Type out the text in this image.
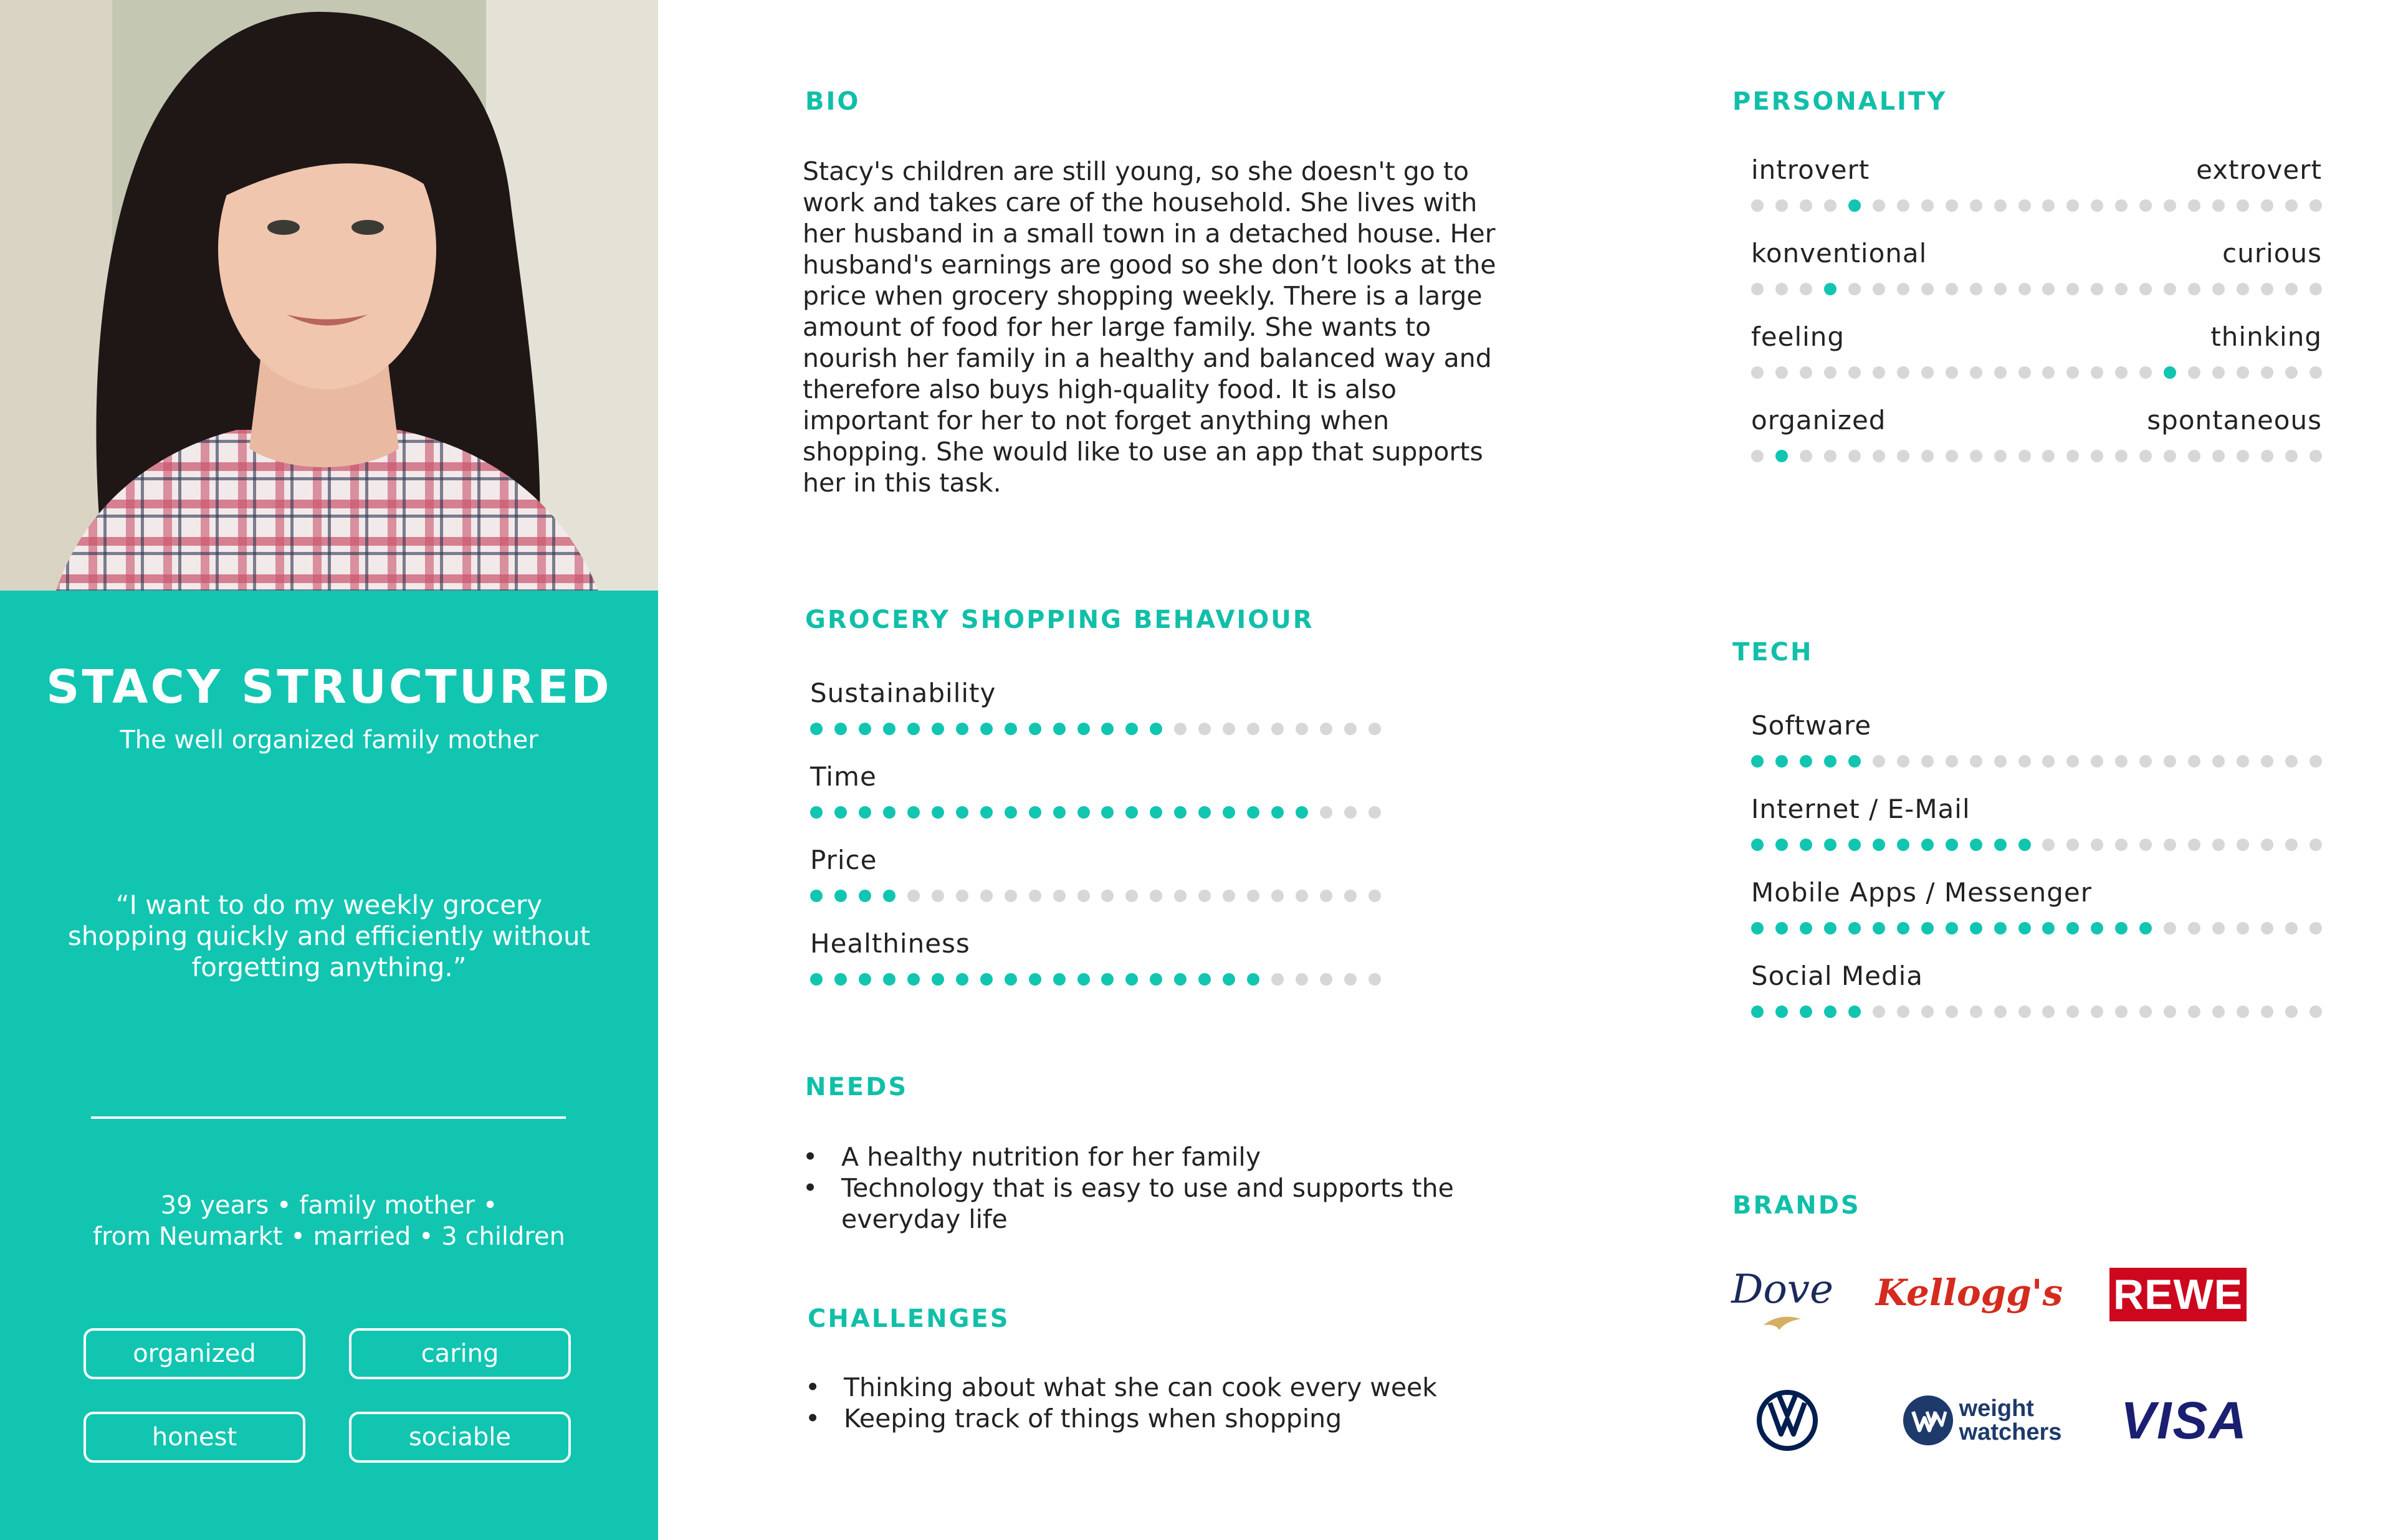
STACY STRUCTURED
The well organized family mother
“I want to do my weekly grocery shopping quickly and efficiently without forgetting anything.”
39 years • family mother •
from Neumarkt • married • 3 children
organized	caring
honest	sociable
BIO
Stacy's children are still young, so she doesn't go to work and takes care of the household. She lives with her husband in a small town in a detached house. Her husband's earnings are good so she don’t looks at the price when grocery shopping weekly. There is a large amount of food for her large family. She wants to nourish her family in a healthy and balanced way and therefore also buys high-quality food. It is also important for her to not forget anything when shopping. She would like to use an app that supports her in this task.
GROCERY SHOPPING BEHAVIOUR
Sustainability
Time
Price
Healthiness
NEEDS
• A healthy nutrition for her family
• Technology that is easy to use and supports the everyday life
CHALLENGES
• Thinking about what she can cook every week
• Keeping track of things when shopping
PERSONALITY
introvert	extrovert
konventional	curious
feeling	thinking
organized	spontaneous
TECH
Software
Internet / E-Mail
Mobile Apps / Messenger
Social Media
BRANDS
Dove Kellogg's REWE
weight
watchers VISA
